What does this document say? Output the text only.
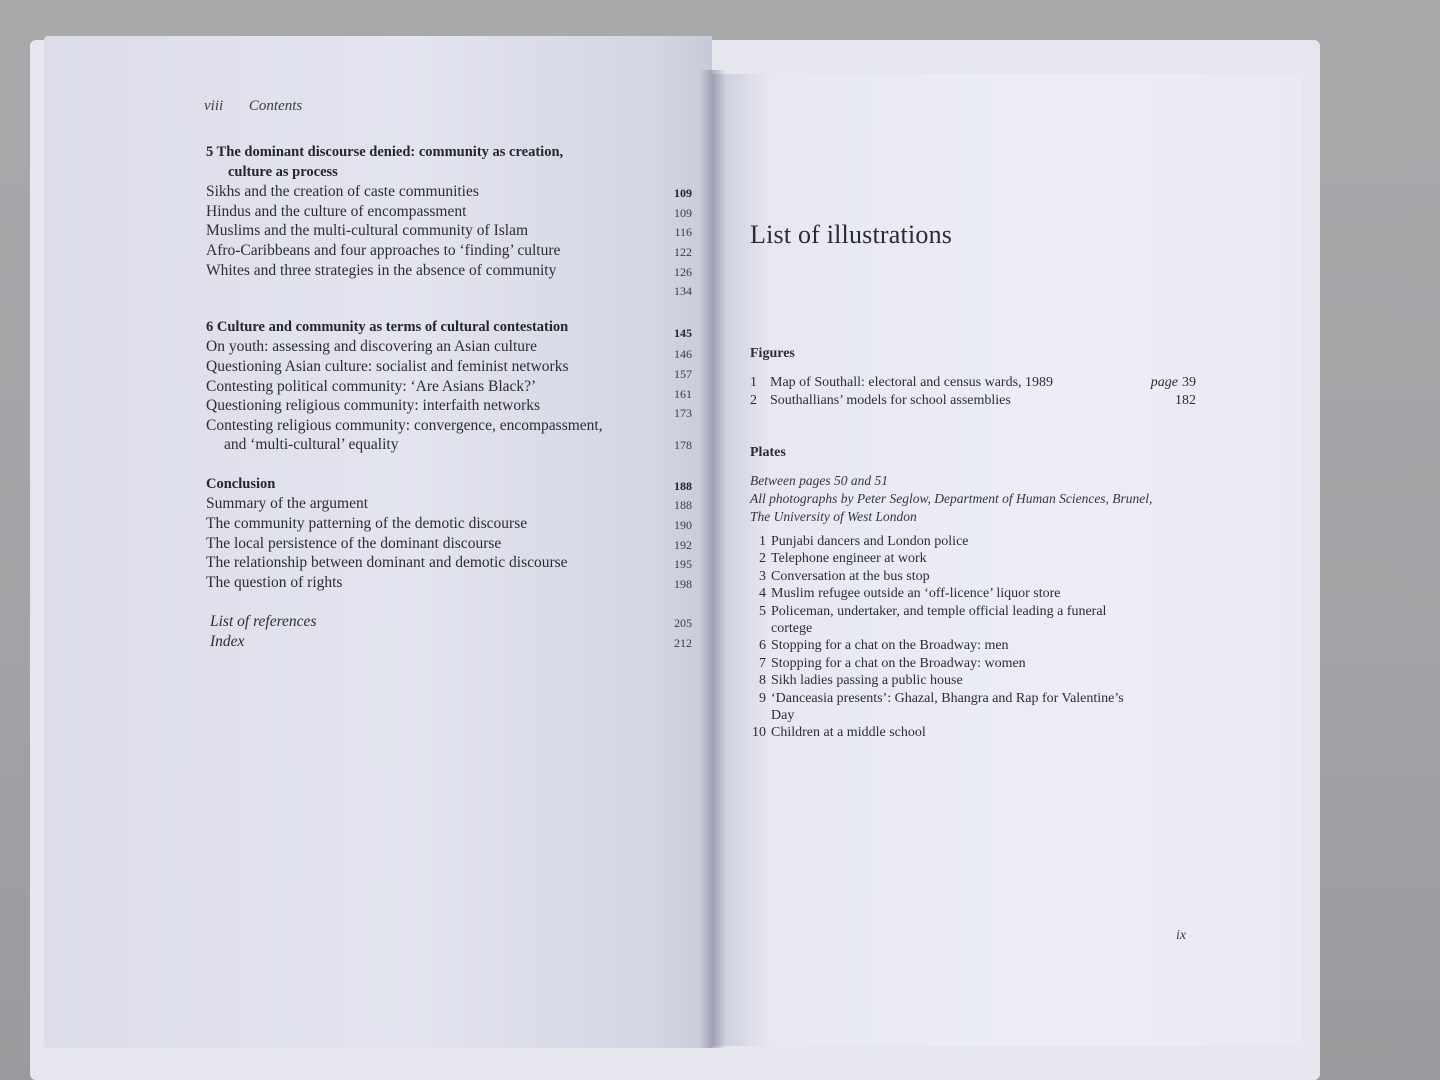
viii Contents
5 The dominant discourse denied: community as creation,
culture as process
Sikhs and the creation of caste communities	109
Hindus and the culture of encompassment	109
Muslims and the multi-cultural community of Islam	116
Afro-Caribbeans and four approaches to ‘finding’ culture	122
Whites and three strategies in the absence of community	126

134
6 Culture and community as terms of cultural contestation	145
On youth: assessing and discovering an Asian culture	146
Questioning Asian culture: socialist and feminist networks	157
Contesting political community: ‘Are Asians Black?’	161
Questioning religious community: interfaith networks	173
Contesting religious community: convergence, encompassment,
and ‘multi-cultural’ equality	178
Conclusion	188
Summary of the argument	188
The community patterning of the demotic discourse	190
The local persistence of the dominant discourse	192
The relationship between dominant and demotic discourse	195
The question of rights	198
List of references	205
Index	212
List of illustrations
Figures
1 Map of Southall: electoral and census wards, 1989	page 39
2 Southallians’ models for school assemblies	182
Plates
Between pages 50 and 51
All photographs by Peter Seglow, Department of Human Sciences, Brunel,
The University of West London
1 Punjabi dancers and London police
2 Telephone engineer at work
3 Conversation at the bus stop
4 Muslim refugee outside an ‘off-licence’ liquor store
5 Policeman, undertaker, and temple official leading a funeral
cortege
6 Stopping for a chat on the Broadway: men
7 Stopping for a chat on the Broadway: women
8 Sikh ladies passing a public house
9 ‘Danceasia presents’: Ghazal, Bhangra and Rap for Valentine’s
Day
10 Children at a middle school
ix
